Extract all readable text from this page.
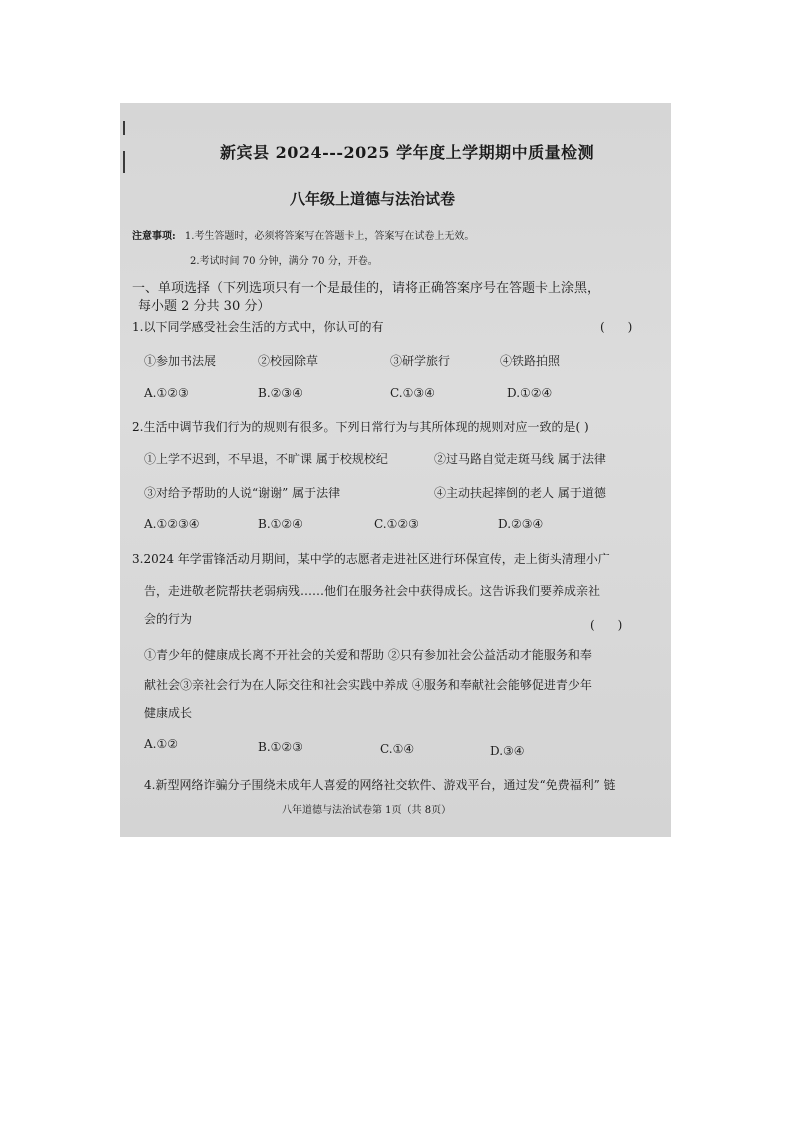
新宾县 2024---2025 学年度上学期期中质量检测
八年级上道德与法治试卷
注意事项: 1.考生答题时，必须将答案写在答题卡上，答案写在试卷上无效。
2.考试时间 70 分钟，满分 70 分，开卷。
一、单项选择（下列选项只有一个是最佳的，请将正确答案序号在答题卡上涂黑，
每小题 2 分共 30 分）
1.以下同学感受社会生活的方式中，你认可的有	(      )
①参加书法展	②校园除草	③研学旅行	④铁路拍照
A.①②③	B.②③④	C.①③④	D.①②④
2.生活中调节我们行为的规则有很多。下列日常行为与其所体现的规则对应一致的是( )
①上学不迟到，不早退，不旷课 属于校规校纪	②过马路自觉走斑马线 属于法律
③对给予帮助的人说“谢谢” 属于法律	④主动扶起摔倒的老人 属于道德
A.①②③④	B.①②④	C.①②③	D.②③④
3.2024 年学雷锋活动月期间，某中学的志愿者走进社区进行环保宣传，走上街头清理小广
告，走进敬老院帮扶老弱病残……他们在服务社会中获得成长。这告诉我们要养成亲社
会的行为	(      )
①青少年的健康成长离不开社会的关爱和帮助 ②只有参加社会公益活动才能服务和奉
献社会③亲社会行为在人际交往和社会实践中养成 ④服务和奉献社会能够促进青少年
健康成长
A.①②	B.①②③	C.①④	D.③④
4.新型网络诈骗分子围绕未成年人喜爱的网络社交软件、游戏平台，通过发“免费福利” 链
八年道德与法治试卷第 1页（共 8页）
